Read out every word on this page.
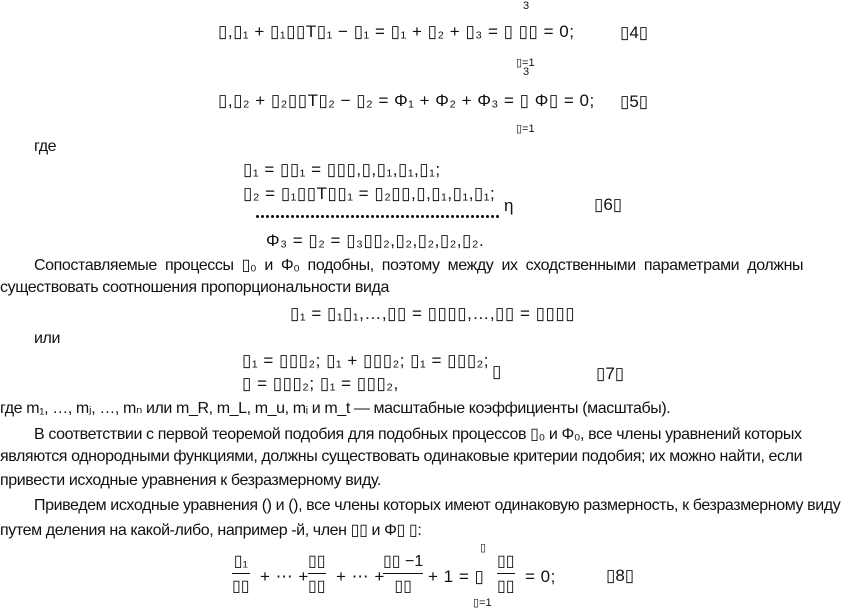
3
▯,▯₁ + ▯₁▯▯T▯₁ − ▯₁ = ▯₁ + ▯₂ + ▯₃ = ▯ ▯▯ = 0;	▯4▯
▯=1
3
▯,▯₂ + ▯₂▯▯T▯₂ − ▯₂ = Φ₁ + Φ₂ + Φ₃ = ▯ Φ▯ = 0; ▯5▯
▯=1
где
▯₁ = ▯▯₁ = ▯▯▯,▯,▯₁,▯₁,▯₁;
▯₂ = ▯₁▯▯T▯▯₁ = ▯₂▯▯,▯,▯₁,▯₁,▯₁;
η	▯6▯
Φ₃ = ▯₂ = ▯₃▯▯₂,▯₂,▯₂,▯₂,▯₂.
Сопоставляемые процессы ▯₀ и Φ₀ подобны, поэтому между их сходственными параметрами должны
существовать соотношения пропорциональности вида
▯₁ = ▯₁▯₁,…,▯▯ = ▯▯▯▯,…,▯▯ = ▯▯▯▯
или
▯₁ = ▯▯▯₂; ▯₁ + ▯▯▯₂; ▯₁ = ▯▯▯₂;
▯ = ▯▯▯₂; ▯₁ = ▯▯▯₂,
▯	▯7▯
где m₁, …, mⱼ, …, mₙ или m_R, m_L, m_u, mᵢ и m_t — масштабные коэффициенты (масштабы).
В соответствии с первой теоремой подобия для подобных процессов ▯₀ и Φ₀, все члены уравнений которых
являются однородными функциями, должны существовать одинаковые критерии подобия; их можно найти, если
привести исходные уравнения к безразмерному виду.
Приведем исходные уравнения () и (), все члены которых имеют одинаковую размерность, к безразмерному виду
путем деления на какой-либо, например -й, член ▯▯ и Φ▯ ▯:
▯₁
▯▯
+ ⋯ +
▯▯
▯▯
+ ⋯ +
▯▯ −1
▯▯
+ 1 = ▯
▯
▯=1
▯▯
▯▯
= 0;	▯8▯
